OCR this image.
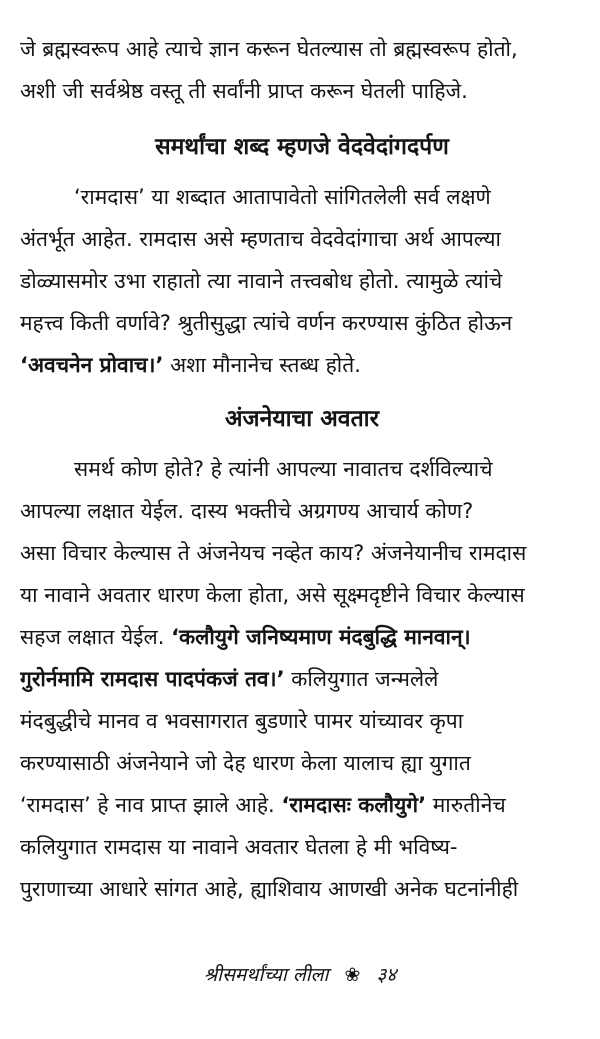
जे ब्रह्मस्वरूप आहे त्याचे ज्ञान करून घेतल्यास तो ब्रह्मस्वरूप होतो,
अशी जी सर्वश्रेष्ठ वस्तू ती सर्वांनी प्राप्त करून घेतली पाहिजे.
समर्थांचा शब्द म्हणजे वेदवेदांगदर्पण
‘रामदास’ या शब्दात आतापावेतो सांगितलेली सर्व लक्षणे
अंतर्भूत आहेत. रामदास असे म्हणताच वेदवेदांगाचा अर्थ आपल्या
डोळ्यासमोर उभा राहातो त्या नावाने तत्त्वबोध होतो. त्यामुळे त्यांचे
महत्त्व किती वर्णावे? श्रुतीसुद्धा त्यांचे वर्णन करण्यास कुंठित होऊन
‘अवचनेन प्रोवाच।’ अशा मौनानेच स्तब्ध होते.
अंजनेयाचा अवतार
समर्थ कोण होते? हे त्यांनी आपल्या नावातच दर्शविल्याचे
आपल्या लक्षात येईल. दास्य भक्तीचे अग्रगण्य आचार्य कोण?
असा विचार केल्यास ते अंजनेयच नव्हेत काय? अंजनेयानीच रामदास
या नावाने अवतार धारण केला होता, असे सूक्ष्मदृष्टीने विचार केल्यास
सहज लक्षात येईल. ‘कलौयुगे जनिष्यमाण मंदबुद्धि मानवान्।
गुरोर्नमामि रामदास पादपंकजं तव।’ कलियुगात जन्मलेले
मंदबुद्धीचे मानव व भवसागरात बुडणारे पामर यांच्यावर कृपा
करण्यासाठी अंजनेयाने जो देह धारण केला यालाच ह्या युगात
‘रामदास’ हे नाव प्राप्त झाले आहे. ‘रामदासः कलौयुगे’ मारुतीनेच
कलियुगात रामदास या नावाने अवतार घेतला हे मी भविष्य-
पुराणाच्या आधारे सांगत आहे, ह्याशिवाय आणखी अनेक घटनांनीही
श्रीसमर्थांच्या लीला ❀ ३४
